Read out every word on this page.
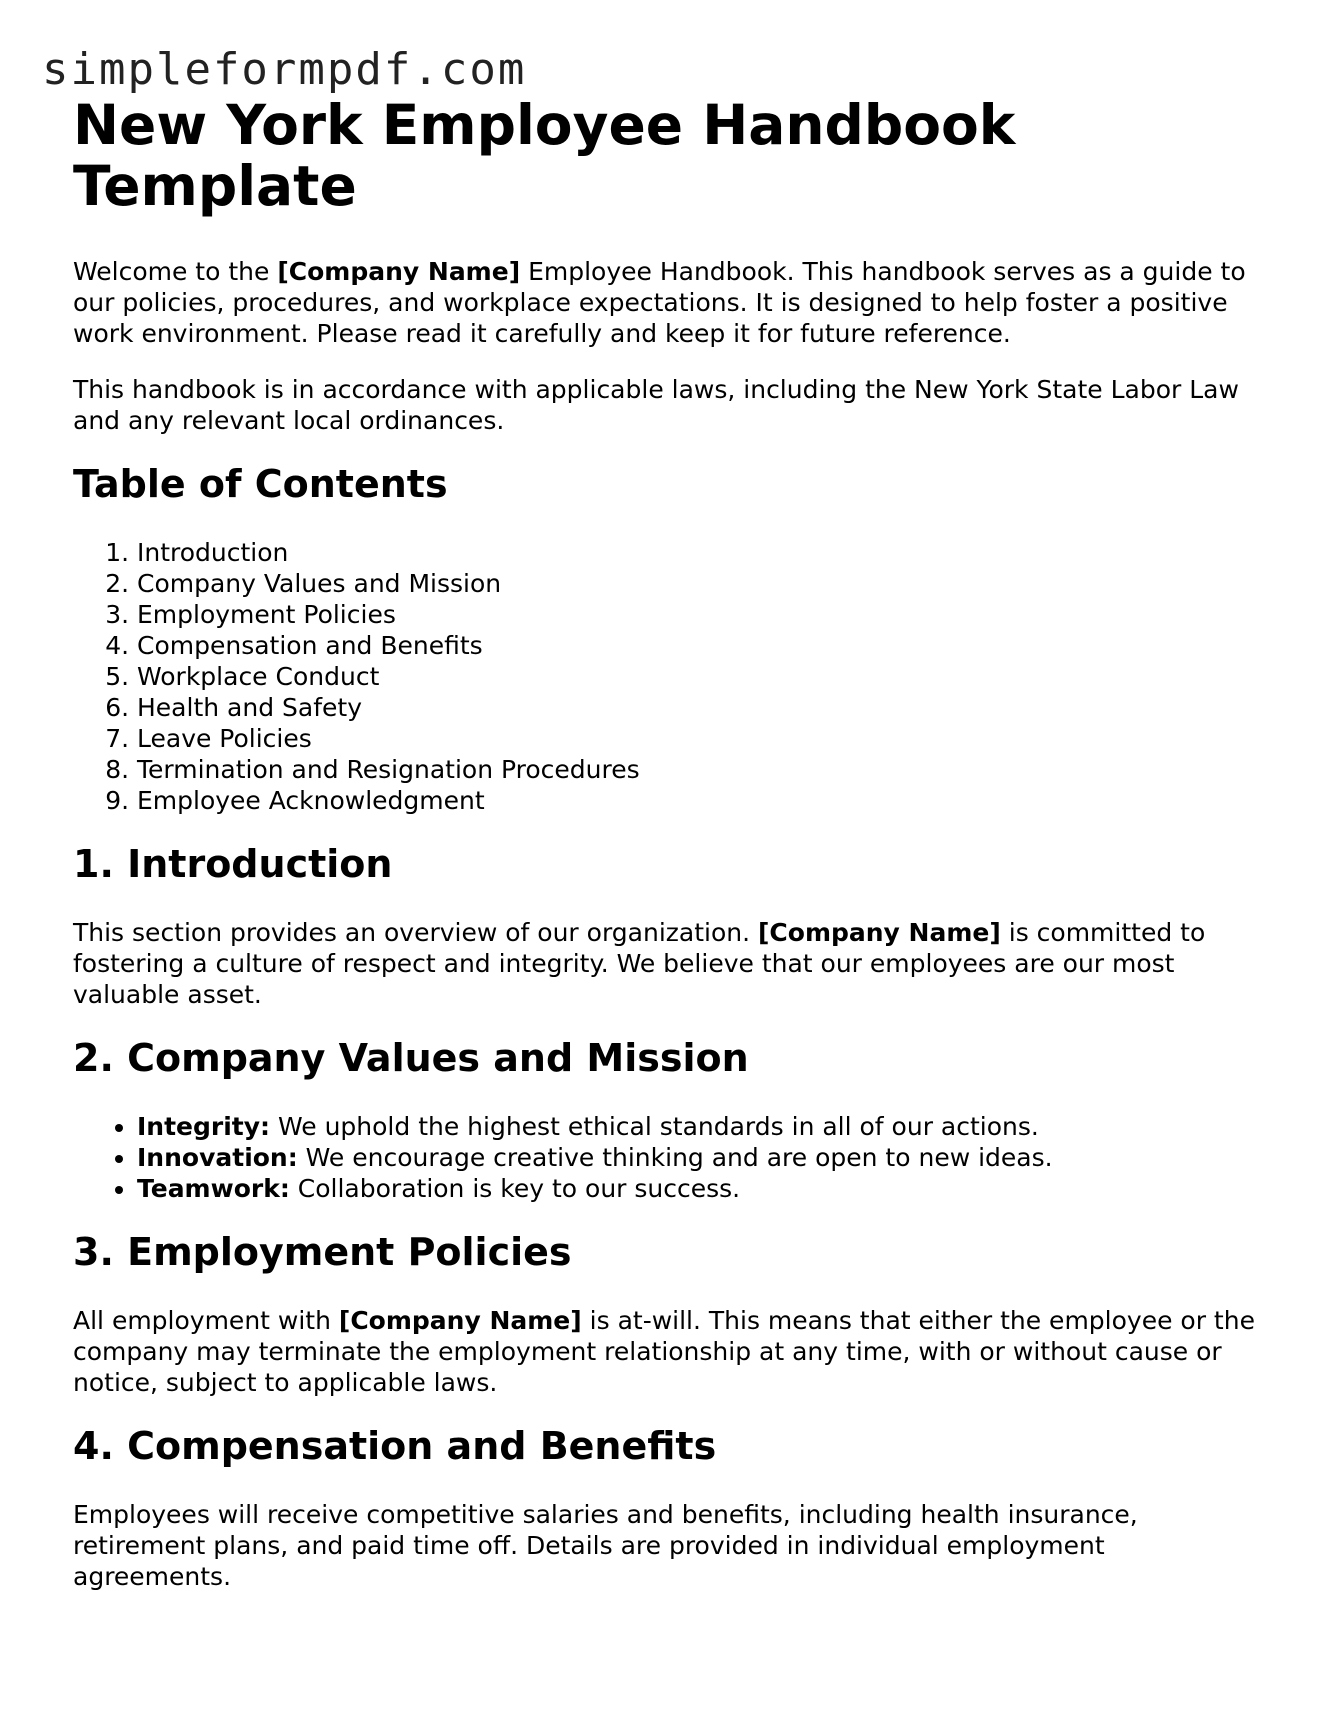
simpleformpdf.com
New York Employee Handbook Template

Welcome to the [Company Name] Employee Handbook. This handbook serves as a guide to our policies, procedures, and workplace expectations. It is designed to help foster a positive work environment. Please read it carefully and keep it for future reference.

This handbook is in accordance with applicable laws, including the New York State Labor Law and any relevant local ordinances.

Table of Contents
1. Introduction
2. Company Values and Mission
3. Employment Policies
4. Compensation and Benefits
5. Workplace Conduct
6. Health and Safety
7. Leave Policies
8. Termination and Resignation Procedures
9. Employee Acknowledgment
1. Introduction

This section provides an overview of our organization. [Company Name] is committed to fostering a culture of respect and integrity. We believe that our employees are our most valuable asset.

2. Company Values and Mission
• Integrity: We uphold the highest ethical standards in all of our actions.
• Innovation: We encourage creative thinking and are open to new ideas.
• Teamwork: Collaboration is key to our success.
3. Employment Policies

All employment with [Company Name] is at-will. This means that either the employee or the company may terminate the employment relationship at any time, with or without cause or notice, subject to applicable laws.

4. Compensation and Benefits

Employees will receive competitive salaries and benefits, including health insurance, retirement plans, and paid time off. Details are provided in individual employment agreements.
